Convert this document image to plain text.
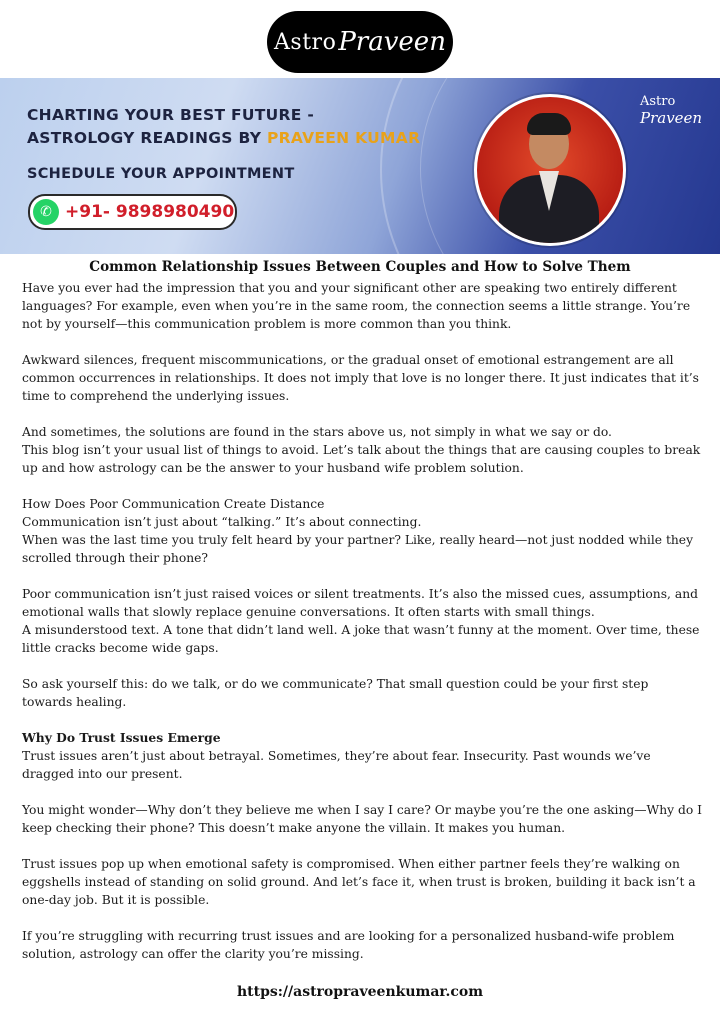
Astro Praveen
CHARTING YOUR BEST FUTURE -
ASTROLOGY READINGS BY PRAVEEN KUMAR
SCHEDULE YOUR APPOINTMENT
✆ +91- 9898980490
Astro Praveen
Common Relationship Issues Between Couples and How to Solve Them

Have you ever had the impression that you and your significant other are speaking two entirely different languages? For example, even when you’re in the same room, the connection seems a little strange. You’re not by yourself—this communication problem is more common than you think.

Awkward silences, frequent miscommunications, or the gradual onset of emotional estrangement are all common occurrences in relationships. It does not imply that love is no longer there. It just indicates that it’s time to comprehend the underlying issues.

And sometimes, the solutions are found in the stars above us, not simply in what we say or do.
This blog isn’t your usual list of things to avoid. Let’s talk about the things that are causing couples to break up and how astrology can be the answer to your husband wife problem solution.

How Does Poor Communication Create Distance
Communication isn’t just about “talking.” It’s about connecting.
When was the last time you truly felt heard by your partner? Like, really heard—not just nodded while they scrolled through their phone?

Poor communication isn’t just raised voices or silent treatments. It’s also the missed cues, assumptions, and emotional walls that slowly replace genuine conversations. It often starts with small things.
A misunderstood text. A tone that didn’t land well. A joke that wasn’t funny at the moment. Over time, these little cracks become wide gaps.

So ask yourself this: do we talk, or do we communicate? That small question could be your first step towards healing.

Why Do Trust Issues Emerge

Trust issues aren’t just about betrayal. Sometimes, they’re about fear. Insecurity. Past wounds we’ve dragged into our present.

You might wonder—Why don’t they believe me when I say I care? Or maybe you’re the one asking—Why do I keep checking their phone? This doesn’t make anyone the villain. It makes you human.

Trust issues pop up when emotional safety is compromised. When either partner feels they’re walking on eggshells instead of standing on solid ground. And let’s face it, when trust is broken, building it back isn’t a one-day job. But it is possible.

If you’re struggling with recurring trust issues and are looking for a personalized husband-wife problem solution, astrology can offer the clarity you’re missing.

https://astropraveenkumar.com
